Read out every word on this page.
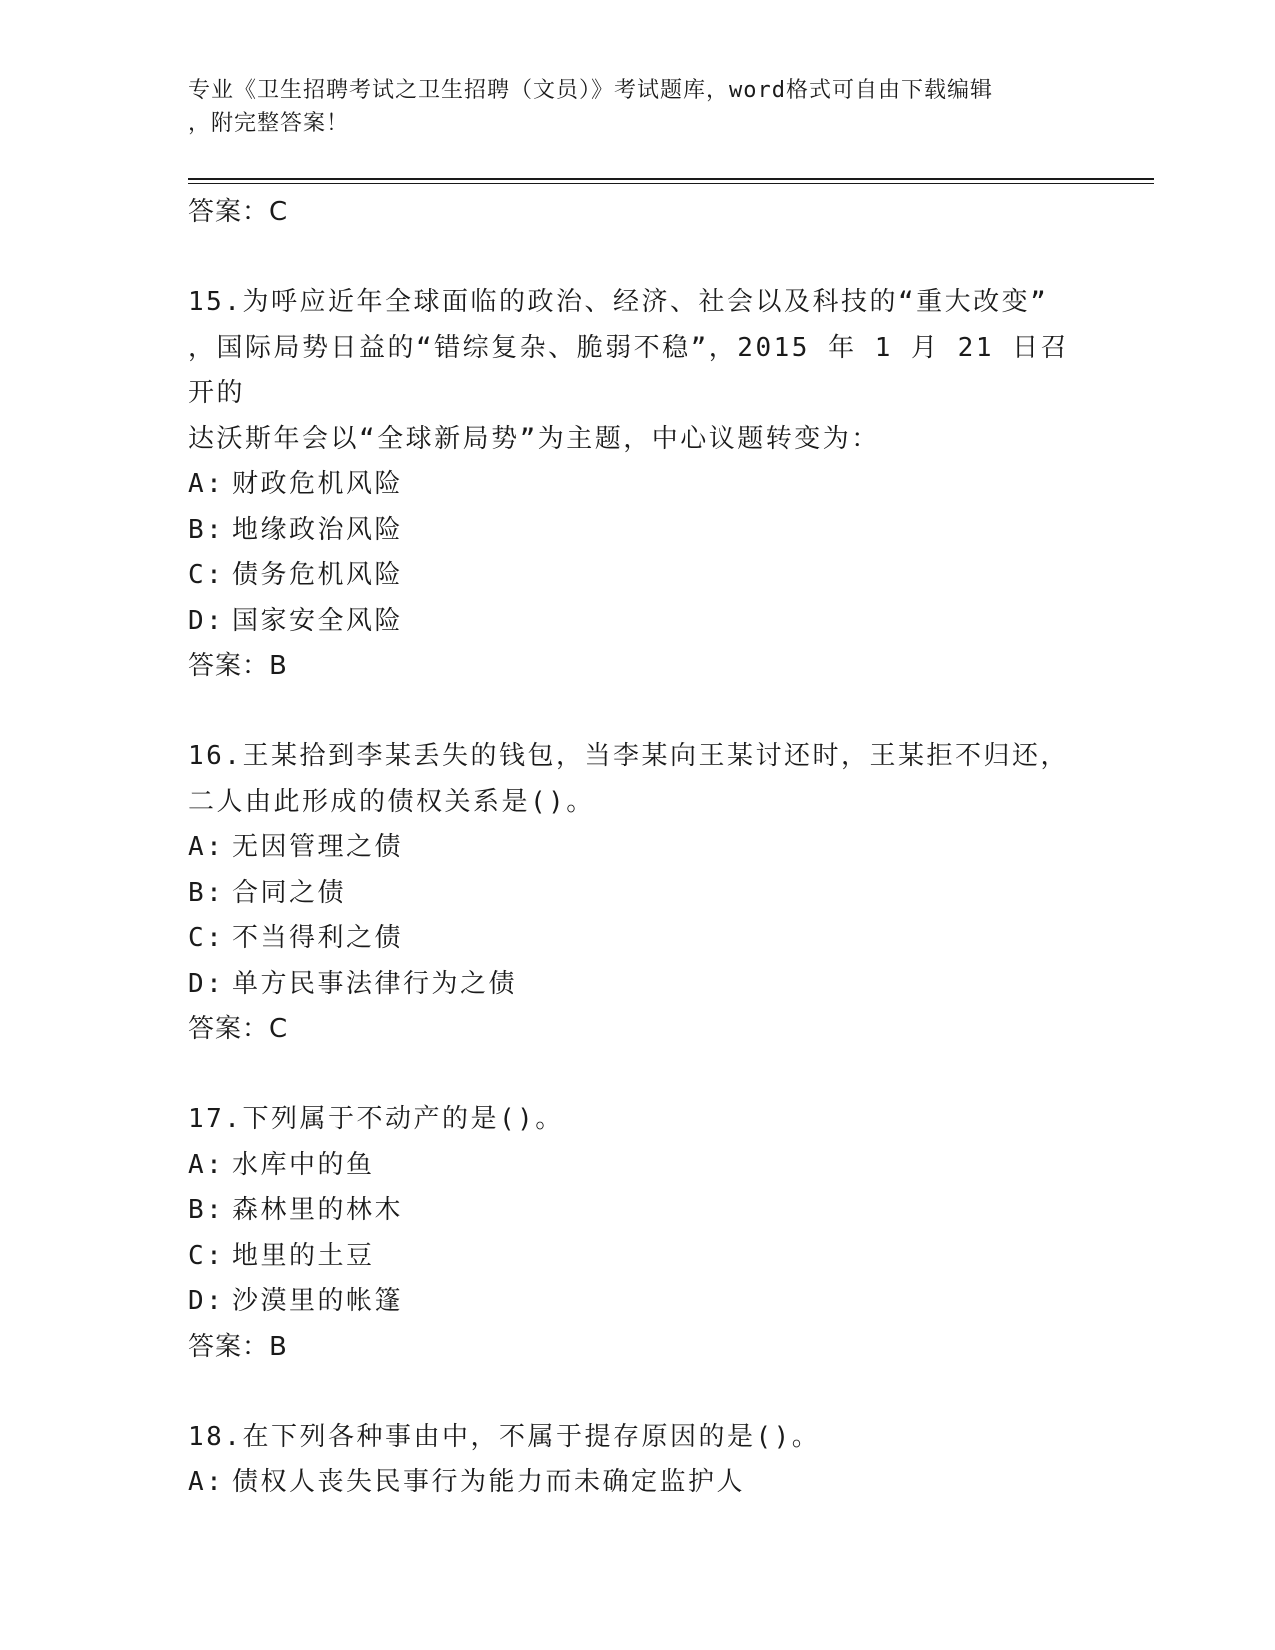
专业《卫生招聘考试之卫生招聘（文员）》考试题库，word格式可自由下载编辑
，附完整答案！
答案：C
15.为呼应近年全球面临的政治、经济、社会以及科技的“重大改变”
，国际局势日益的“错综复杂、脆弱不稳”，2015 年 1 月 21 日召开的
达沃斯年会以“全球新局势”为主题，中心议题转变为：
A: 财政危机风险
B: 地缘政治风险
C: 债务危机风险
D: 国家安全风险
答案：B
16.王某拾到李某丢失的钱包，当李某向王某讨还时，王某拒不归还，
二人由此形成的债权关系是()。
A: 无因管理之债
B: 合同之债
C: 不当得利之债
D: 单方民事法律行为之债
答案：C
17.下列属于不动产的是()。
A: 水库中的鱼
B: 森林里的林木
C: 地里的土豆
D: 沙漠里的帐篷
答案：B
18.在下列各种事由中，不属于提存原因的是()。
A: 债权人丧失民事行为能力而未确定监护人
